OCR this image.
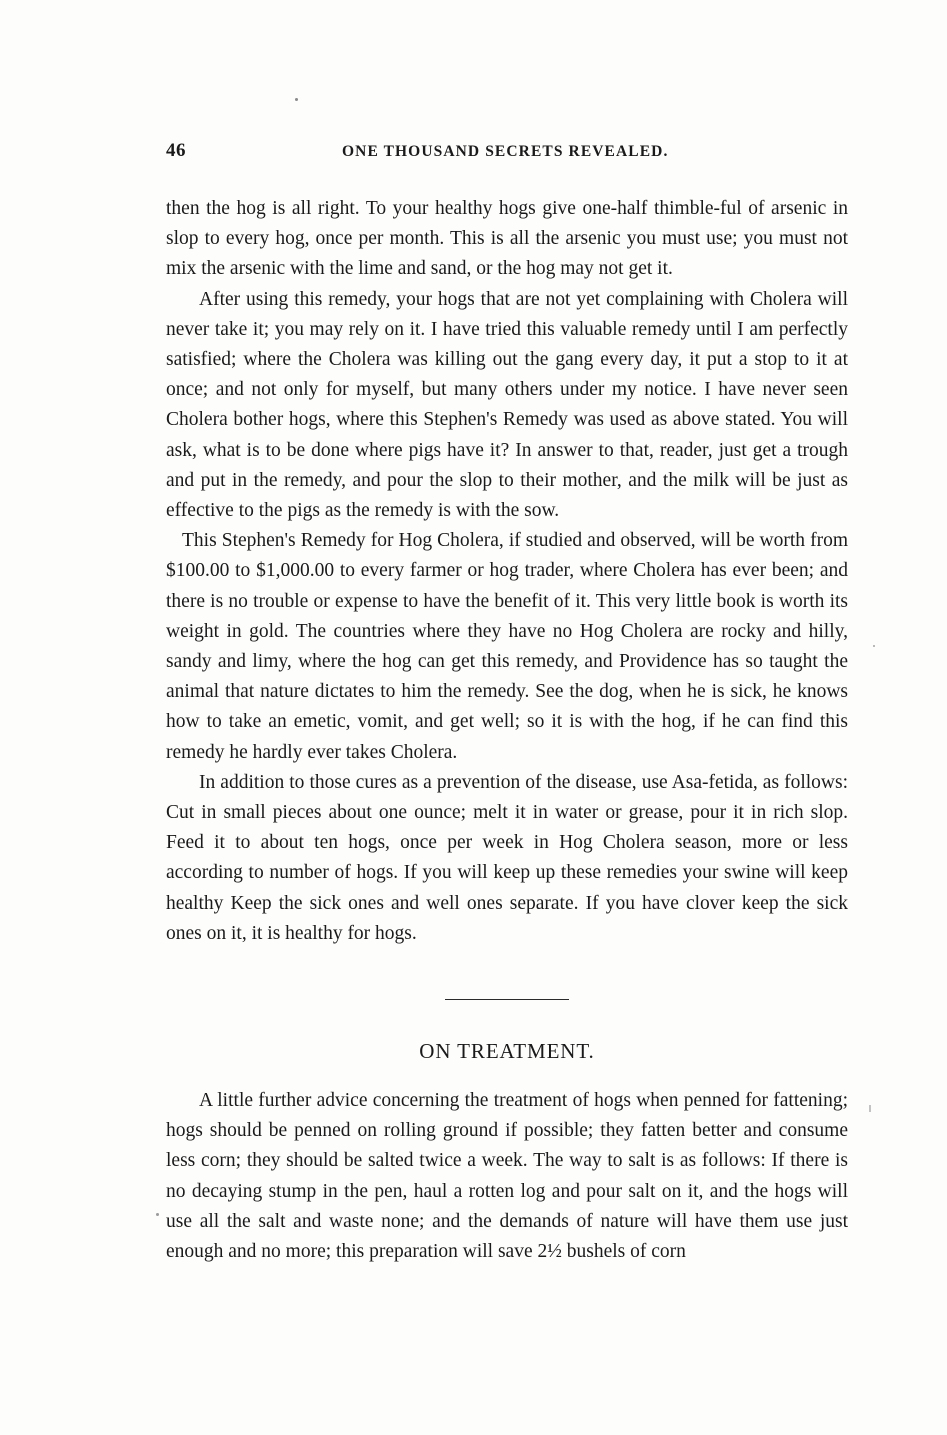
46	ONE THOUSAND SECRETS REVEALED.

then the hog is all right. To your healthy hogs give one-half thimble-ful of arsenic in slop to every hog, once per month. This is all the arsenic you must use; you must not mix the arsenic with the lime and sand, or the hog may not get it.

After using this remedy, your hogs that are not yet complaining with Cholera will never take it; you may rely on it. I have tried this valuable remedy until I am perfectly satisfied; where the Cholera was killing out the gang every day, it put a stop to it at once; and not only for myself, but many others under my notice. I have never seen Cholera bother hogs, where this Stephen's Remedy was used as above stated. You will ask, what is to be done where pigs have it? In answer to that, reader, just get a trough and put in the remedy, and pour the slop to their mother, and the milk will be just as effective to the pigs as the remedy is with the sow.

This Stephen's Remedy for Hog Cholera, if studied and observed, will be worth from $100.00 to $1,000.00 to every farmer or hog trader, where Cholera has ever been; and there is no trouble or expense to have the benefit of it. This very little book is worth its weight in gold. The countries where they have no Hog Cholera are rocky and hilly, sandy and limy, where the hog can get this remedy, and Providence has so taught the animal that nature dictates to him the remedy. See the dog, when he is sick, he knows how to take an emetic, vomit, and get well; so it is with the hog, if he can find this remedy he hardly ever takes Cholera.

In addition to those cures as a prevention of the disease, use Asa-fetida, as follows: Cut in small pieces about one ounce; melt it in water or grease, pour it in rich slop. Feed it to about ten hogs, once per week in Hog Cholera season, more or less according to number of hogs. If you will keep up these remedies your swine will keep healthy Keep the sick ones and well ones separate. If you have clover keep the sick ones on it, it is healthy for hogs.

ON TREATMENT.

A little further advice concerning the treatment of hogs when penned for fattening; hogs should be penned on rolling ground if possible; they fatten better and consume less corn; they should be salted twice a week. The way to salt is as follows: If there is no decaying stump in the pen, haul a rotten log and pour salt on it, and the hogs will use all the salt and waste none; and the demands of nature will have them use just enough and no more; this preparation will save 2½ bushels of corn
